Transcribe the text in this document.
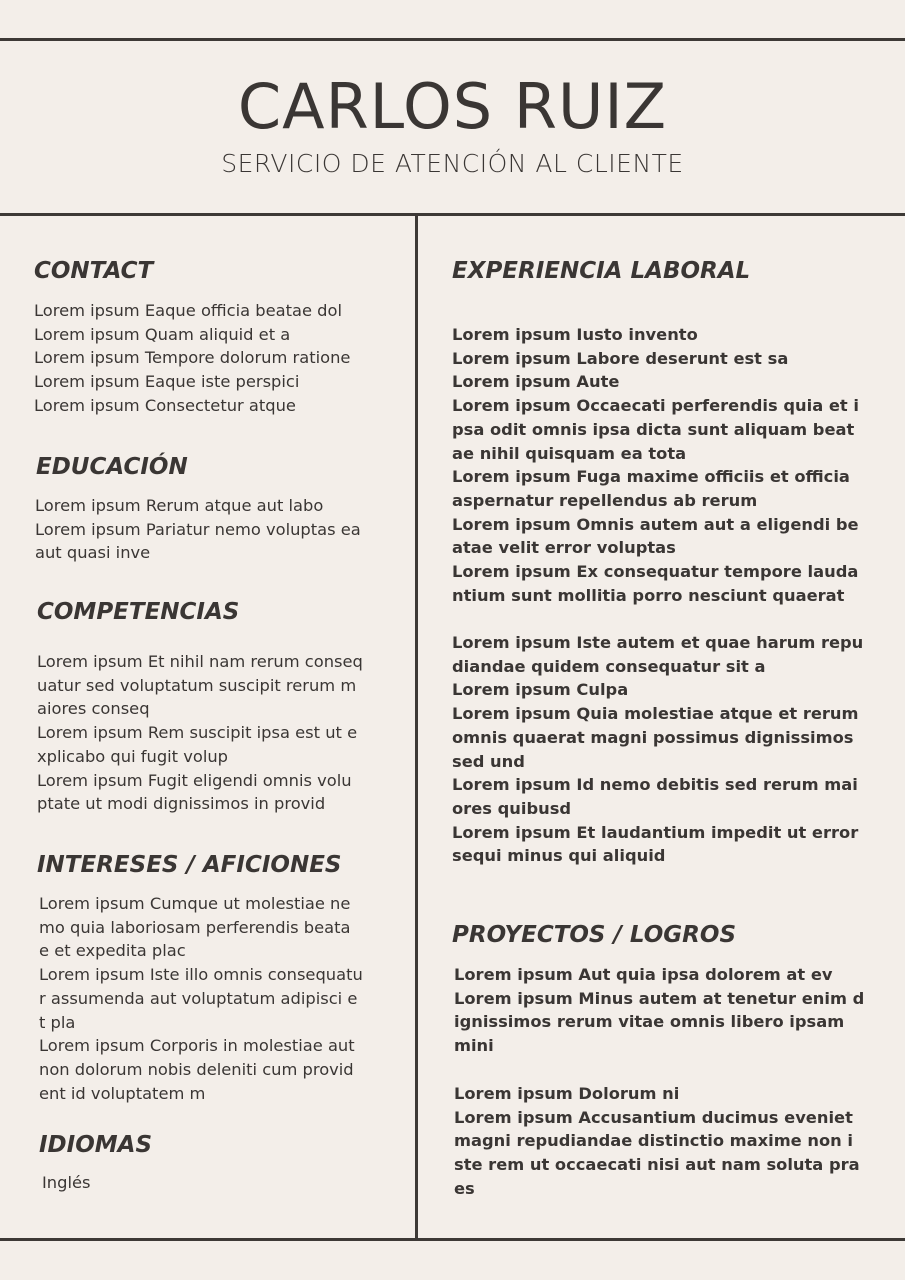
CARLOS RUIZ
SERVICIO DE ATENCIÓN AL CLIENTE
CONTACT
Lorem ipsum Eaque officia beatae dol
Lorem ipsum Quam aliquid et a
Lorem ipsum Tempore dolorum ratione
Lorem ipsum Eaque iste perspici
Lorem ipsum Consectetur atque
EDUCACIÓN
Lorem ipsum Rerum atque aut labo
Lorem ipsum Pariatur nemo voluptas ea
aut quasi inve
COMPETENCIAS
Lorem ipsum Et nihil nam rerum conseq
uatur sed voluptatum suscipit rerum m
aiores conseq
Lorem ipsum Rem suscipit ipsa est ut e
xplicabo qui fugit volup
Lorem ipsum Fugit eligendi omnis volu
ptate ut modi dignissimos in provid
INTERESES / AFICIONES
Lorem ipsum Cumque ut molestiae ne
mo quia laboriosam perferendis beata
e et expedita plac
Lorem ipsum Iste illo omnis consequatu
r assumenda aut voluptatum adipisci e
t pla
Lorem ipsum Corporis in molestiae aut
non dolorum nobis deleniti cum provid
ent id voluptatem m
IDIOMAS
Inglés
EXPERIENCIA LABORAL
Lorem ipsum Iusto invento
Lorem ipsum Labore deserunt est sa
Lorem ipsum Aute
Lorem ipsum Occaecati perferendis quia et i
psa odit omnis ipsa dicta sunt aliquam beat
ae nihil quisquam ea tota
Lorem ipsum Fuga maxime officiis et officia
aspernatur repellendus ab rerum
Lorem ipsum Omnis autem aut a eligendi be
atae velit error voluptas
Lorem ipsum Ex consequatur tempore lauda
ntium sunt mollitia porro nesciunt quaerat
Lorem ipsum Iste autem et quae harum repu
diandae quidem consequatur sit a
Lorem ipsum Culpa
Lorem ipsum Quia molestiae atque et rerum
omnis quaerat magni possimus dignissimos
sed und
Lorem ipsum Id nemo debitis sed rerum mai
ores quibusd
Lorem ipsum Et laudantium impedit ut error
sequi minus qui aliquid
PROYECTOS / LOGROS
Lorem ipsum Aut quia ipsa dolorem at ev
Lorem ipsum Minus autem at tenetur enim d
ignissimos rerum vitae omnis libero ipsam
mini
Lorem ipsum Dolorum ni
Lorem ipsum Accusantium ducimus eveniet
magni repudiandae distinctio maxime non i
ste rem ut occaecati nisi aut nam soluta pra
es
